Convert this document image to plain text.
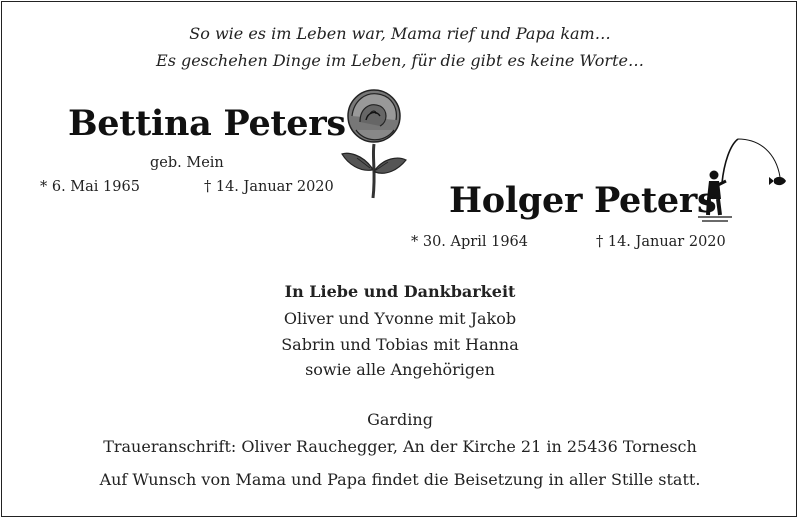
So wie es im Leben war, Mama rief und Papa kam…
Es geschehen Dinge im Leben, für die gibt es keine Worte…
Bettina Peters
geb. Mein
* 6. Mai 1965	† 14. Januar 2020	Holger Peters
* 30. April 1964	† 14. Januar 2020
In Liebe und Dankbarkeit
Oliver und Yvonne mit Jakob
Sabrin und Tobias mit Hanna
sowie alle Angehörigen
Garding
Traueranschrift: Oliver Rauchegger, An der Kirche 21 in 25436 Tornesch
Auf Wunsch von Mama und Papa findet die Beisetzung in aller Stille statt.
